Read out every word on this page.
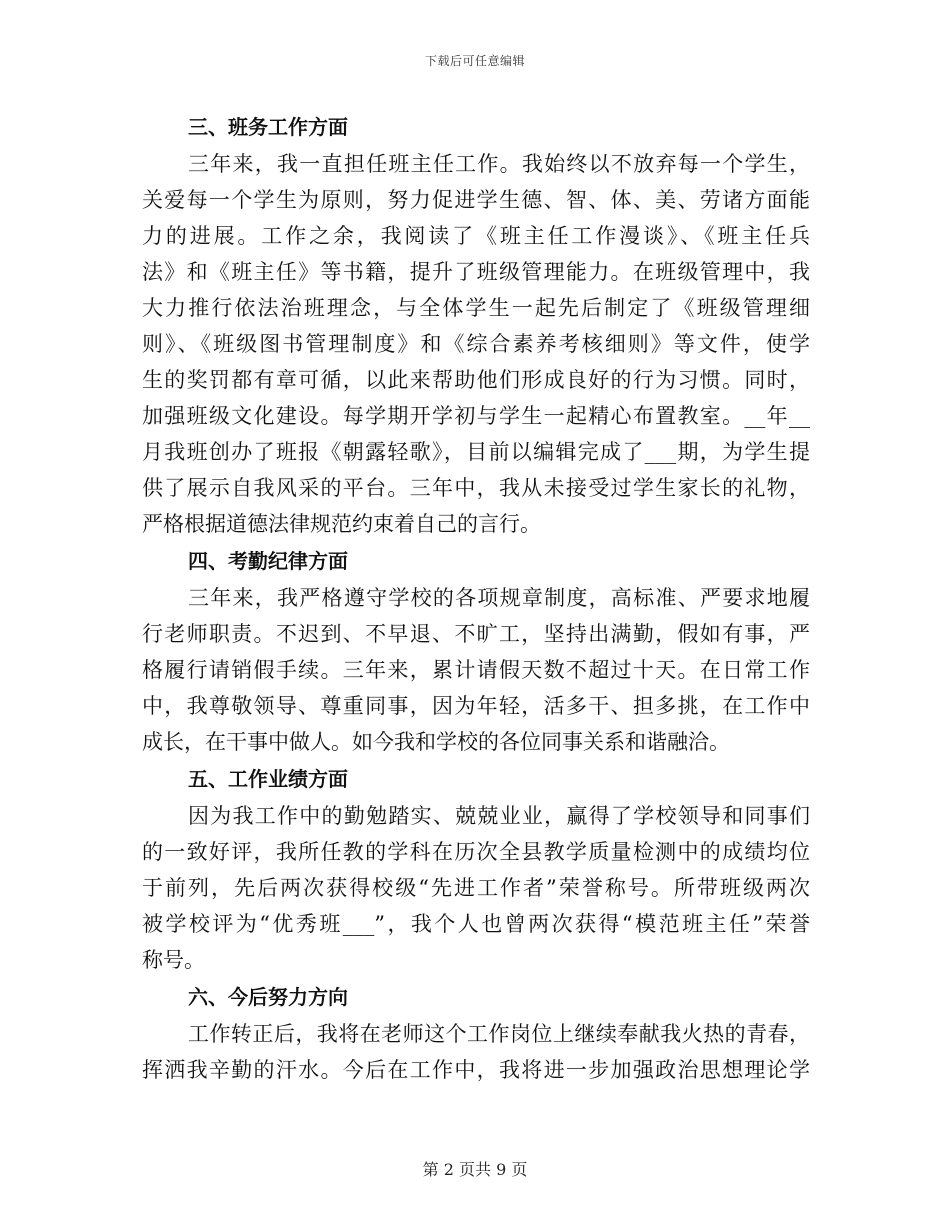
下载后可任意编辑

三、班务工作方面

三年来，我一直担任班主任工作。我始终以不放弃每一个学生，

关爱每一个学生为原则，努力促进学生德、智、体、美、劳诸方面能

力的进展。工作之余，我阅读了《班主任工作漫谈》、《班主任兵

法》和《班主任》等书籍，提升了班级管理能力。在班级管理中，我

大力推行依法治班理念，与全体学生一起先后制定了《班级管理细

则》、《班级图书管理制度》和《综合素养考核细则》等文件，使学

生的奖罚都有章可循，以此来帮助他们形成良好的行为习惯。同时，

加强班级文化建设。每学期开学初与学生一起精心布置教室。__年__

月我班创办了班报《朝露轻歌》，目前以编辑完成了___期，为学生提

供了展示自我风采的平台。三年中，我从未接受过学生家长的礼物，

严格根据道德法律规范约束着自己的言行。

四、考勤纪律方面

三年来，我严格遵守学校的各项规章制度，高标准、严要求地履

行老师职责。不迟到、不早退、不旷工，坚持出满勤，假如有事，严

格履行请销假手续。三年来，累计请假天数不超过十天。在日常工作

中，我尊敬领导、尊重同事，因为年轻，活多干、担多挑，在工作中

成长，在干事中做人。如今我和学校的各位同事关系和谐融洽。

五、工作业绩方面

因为我工作中的勤勉踏实、兢兢业业，赢得了学校领导和同事们

的一致好评，我所任教的学科在历次全县教学质量检测中的成绩均位

于前列，先后两次获得校级“先进工作者”荣誉称号。所带班级两次

被学校评为“优秀班___”，我个人也曾两次获得“模范班主任”荣誉

称号。

六、今后努力方向

工作转正后，我将在老师这个工作岗位上继续奉献我火热的青春，

挥洒我辛勤的汗水。今后在工作中，我将进一步加强政治思想理论学

第 2 页共 9 页
